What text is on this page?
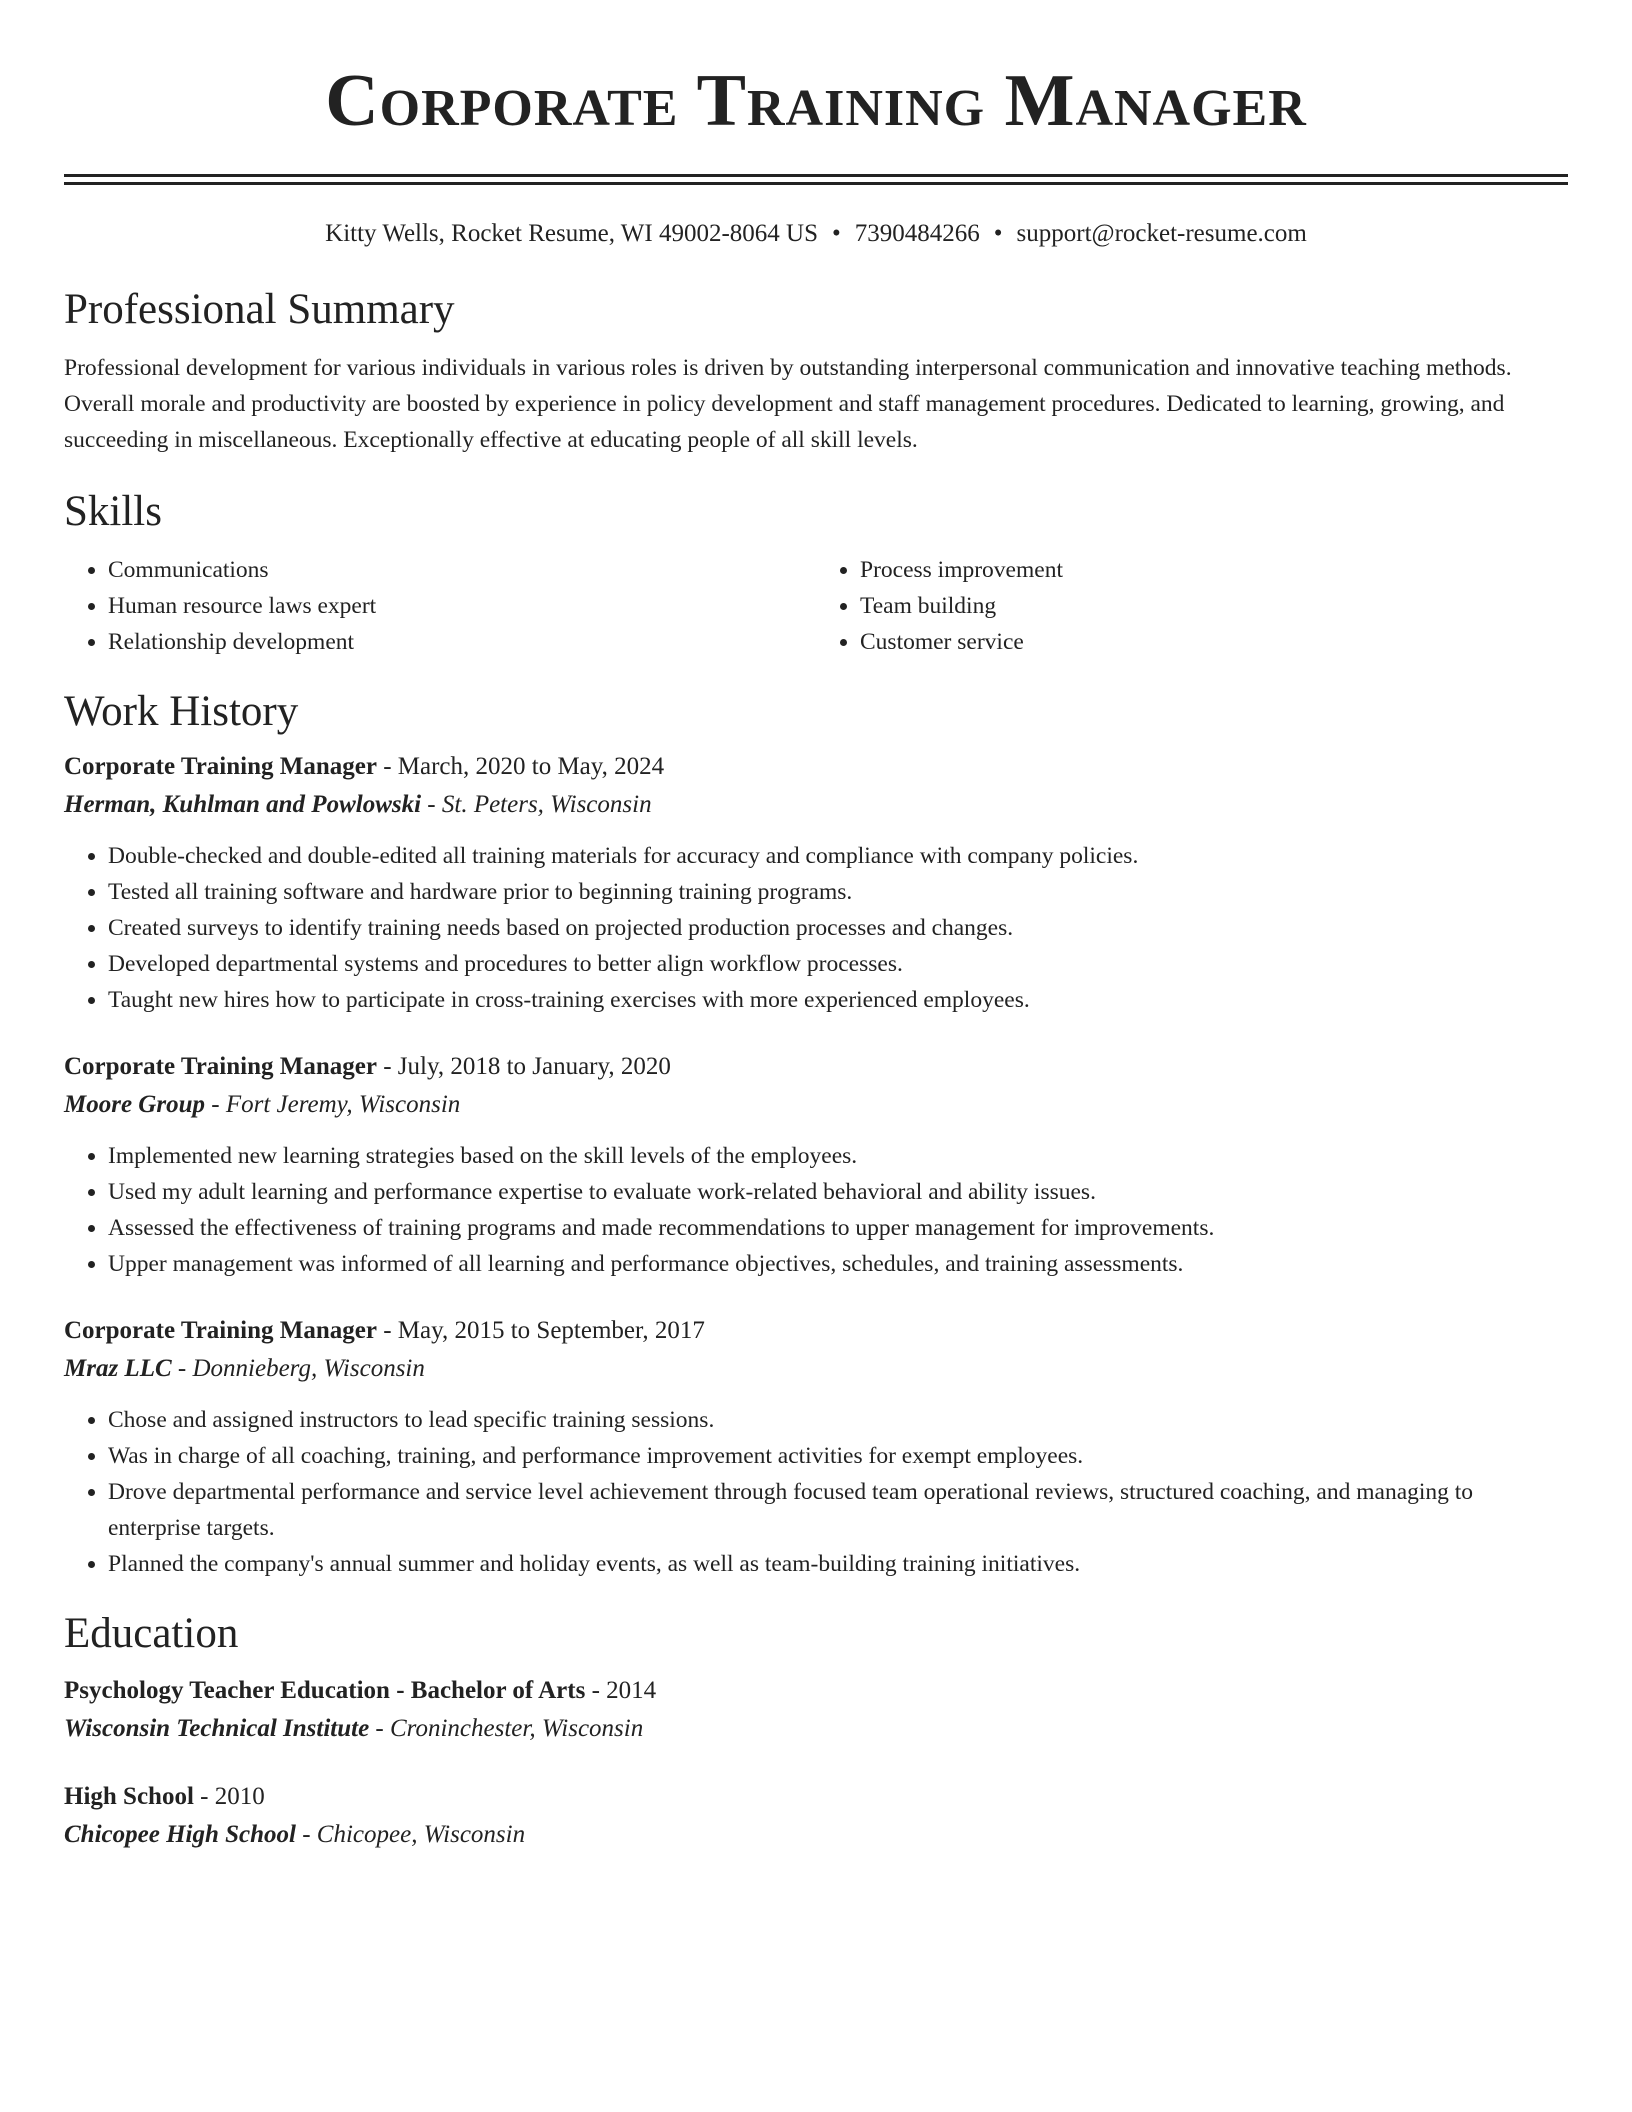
Corporate Training Manager
Kitty Wells, Rocket Resume, WI 49002-8064 US • 7390484266 • support@rocket-resume.com
Professional Summary

Professional development for various individuals in various roles is driven by outstanding interpersonal communication and innovative teaching methods. Overall morale and productivity are boosted by experience in policy development and staff management procedures. Dedicated to learning, growing, and succeeding in miscellaneous. Exceptionally effective at educating people of all skill levels.

Skills
• Communications
• Human resource laws expert
• Relationship development
• Process improvement
• Team building
• Customer service
Work History
Corporate Training Manager - March, 2020 to May, 2024
Herman, Kuhlman and Powlowski - St. Peters, Wisconsin
• Double-checked and double-edited all training materials for accuracy and compliance with company policies.
• Tested all training software and hardware prior to beginning training programs.
• Created surveys to identify training needs based on projected production processes and changes.
• Developed departmental systems and procedures to better align workflow processes.
• Taught new hires how to participate in cross-training exercises with more experienced employees.
Corporate Training Manager - July, 2018 to January, 2020
Moore Group - Fort Jeremy, Wisconsin
• Implemented new learning strategies based on the skill levels of the employees.
• Used my adult learning and performance expertise to evaluate work-related behavioral and ability issues.
• Assessed the effectiveness of training programs and made recommendations to upper management for improvements.
• Upper management was informed of all learning and performance objectives, schedules, and training assessments.
Corporate Training Manager - May, 2015 to September, 2017
Mraz LLC - Donnieberg, Wisconsin
• Chose and assigned instructors to lead specific training sessions.
• Was in charge of all coaching, training, and performance improvement activities for exempt employees.
• Drove departmental performance and service level achievement through focused team operational reviews, structured coaching, and managing to enterprise targets.
• Planned the company's annual summer and holiday events, as well as team-building training initiatives.
Education
Psychology Teacher Education - Bachelor of Arts - 2014
Wisconsin Technical Institute - Croninchester, Wisconsin
High School - 2010
Chicopee High School - Chicopee, Wisconsin
